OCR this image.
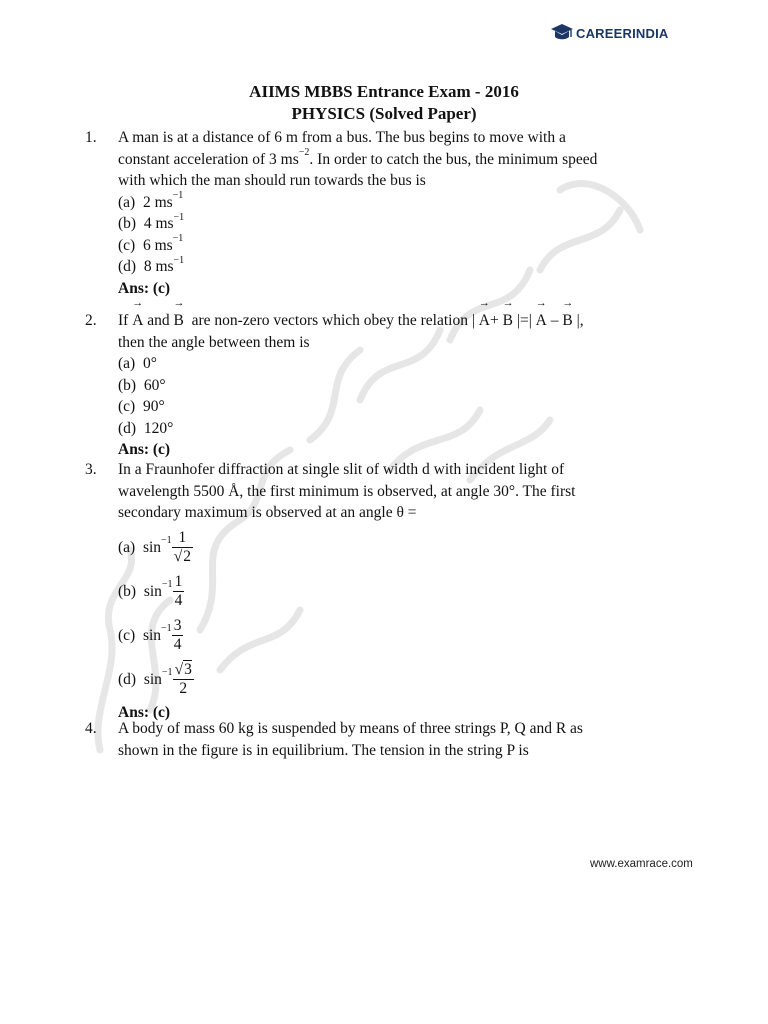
CAREERINDIA
AIIMS MBBS Entrance Exam - 2016
PHYSICS (Solved Paper)
1. A man is at a distance of 6 m from a bus. The bus begins to move with a
constant acceleration of 3 $ms^{-2}$. In order to catch the bus, the minimum speed
with which the man should run towards the bus is
(a) 2 $ms^{-1}$
(b) 4 $ms^{-1}$
(c) 6 $ms^{-1}$
(d) 8 $ms^{-1}$
Ans: (c)
2. If
→
A and
→
B are non-zero vectors which obey the relation |
→
A+
→
B |=|
→
A –
→
B |,
then the angle between them is
(a) 0°
(b) 60°
(c) 90°
(d) 120°
Ans: (c)
3. In a Fraunhofer diffraction at single slit of width d with incident light of
wavelength 5500 Å, the first minimum is observed, at angle 30°. The first
secondary maximum is observed at an angle θ =
(a)
$\sin^{-1} \frac{1}{√2}$
(b)
$\sin^{-1} \frac{1}{4}$
(c)
$\sin^{-1} \frac{3}{4}$
(d)
$\sin^{-1} \frac{√3}{2}$
Ans: (c)
4. A body of mass 60 kg is suspended by means of three strings P, Q and R as
shown in the figure is in equilibrium. The tension in the string P is
www.examrace.com
